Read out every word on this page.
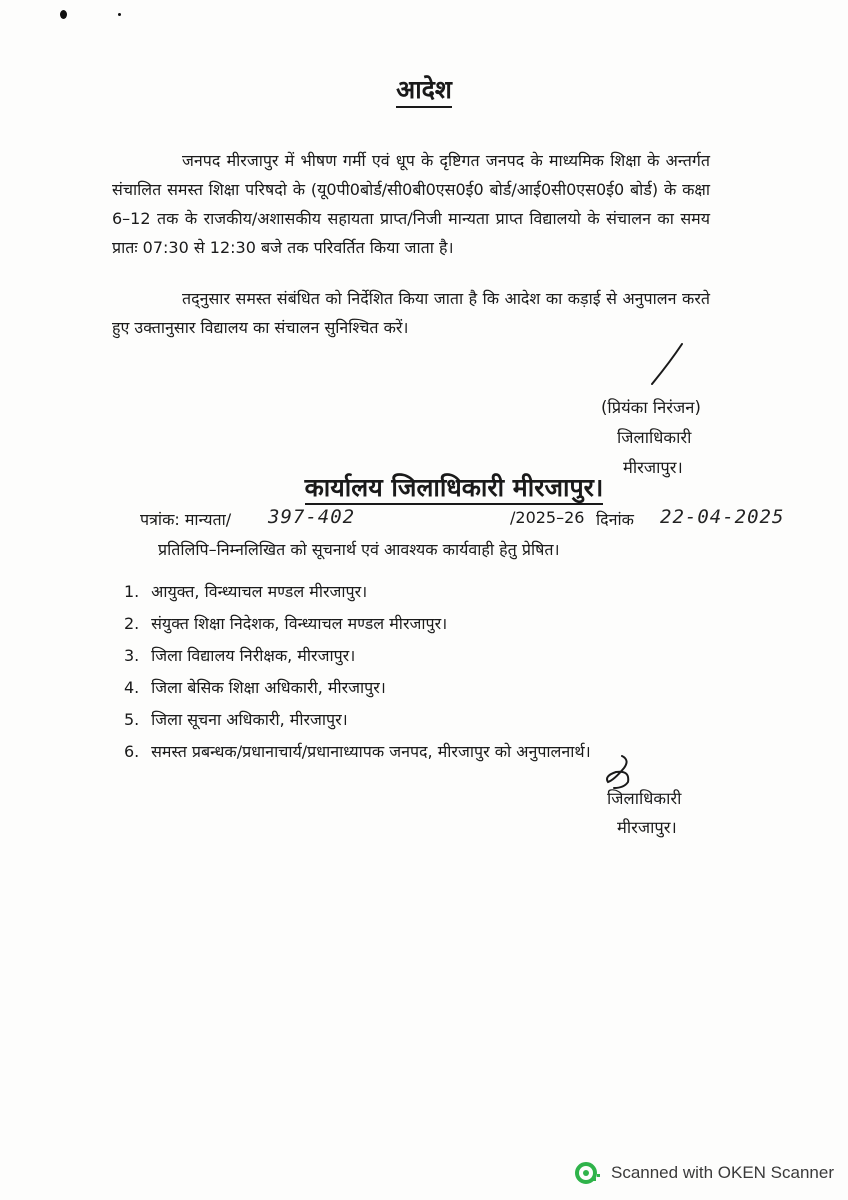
आदेश

जनपद मीरजापुर में भीषण गर्मी एवं धूप के दृष्टिगत जनपद के माध्यमिक शिक्षा के अन्तर्गत संचालित समस्त शिक्षा परिषदो के (यू0पी0बोर्ड/सी0बी0एस0ई0 बोर्ड/आई0सी0एस0ई0 बोर्ड) के कक्षा 6–12 तक के राजकीय/अशासकीय सहायता प्राप्त/निजी मान्यता प्राप्त विद्यालयो के संचालन का समय प्रातः 07:30 से 12:30 बजे तक परिवर्तित किया जाता है।

तद्नुसार समस्त संबंधित को निर्देशित किया जाता है कि आदेश का कड़ाई से अनुपालन करते हुए उक्तानुसार विद्यालय का संचालन सुनिश्चित करें।

(प्रियंका निरंजन)
जिलाधिकारी
मीरजापुर।
कार्यालय जिलाधिकारी मीरजापुर।
पत्रांक: मान्यता/ 397-402	/2025–26 दिनांक 22-04-2025
प्रतिलिपि–निम्नलिखित को सूचनार्थ एवं आवश्यक कार्यवाही हेतु प्रेषित।
1. आयुक्त, विन्ध्याचल मण्डल मीरजापुर।
2. संयुक्त शिक्षा निदेशक, विन्ध्याचल मण्डल मीरजापुर।
3. जिला विद्यालय निरीक्षक, मीरजापुर।
4. जिला बेसिक शिक्षा अधिकारी, मीरजापुर।
5. जिला सूचना अधिकारी, मीरजापुर।
6. समस्त प्रबन्धक/प्रधानाचार्य/प्रधानाध्यापक जनपद, मीरजापुर को अनुपालनार्थ।
जिलाधिकारी
मीरजापुर।
Scanned with OKEN Scanner
